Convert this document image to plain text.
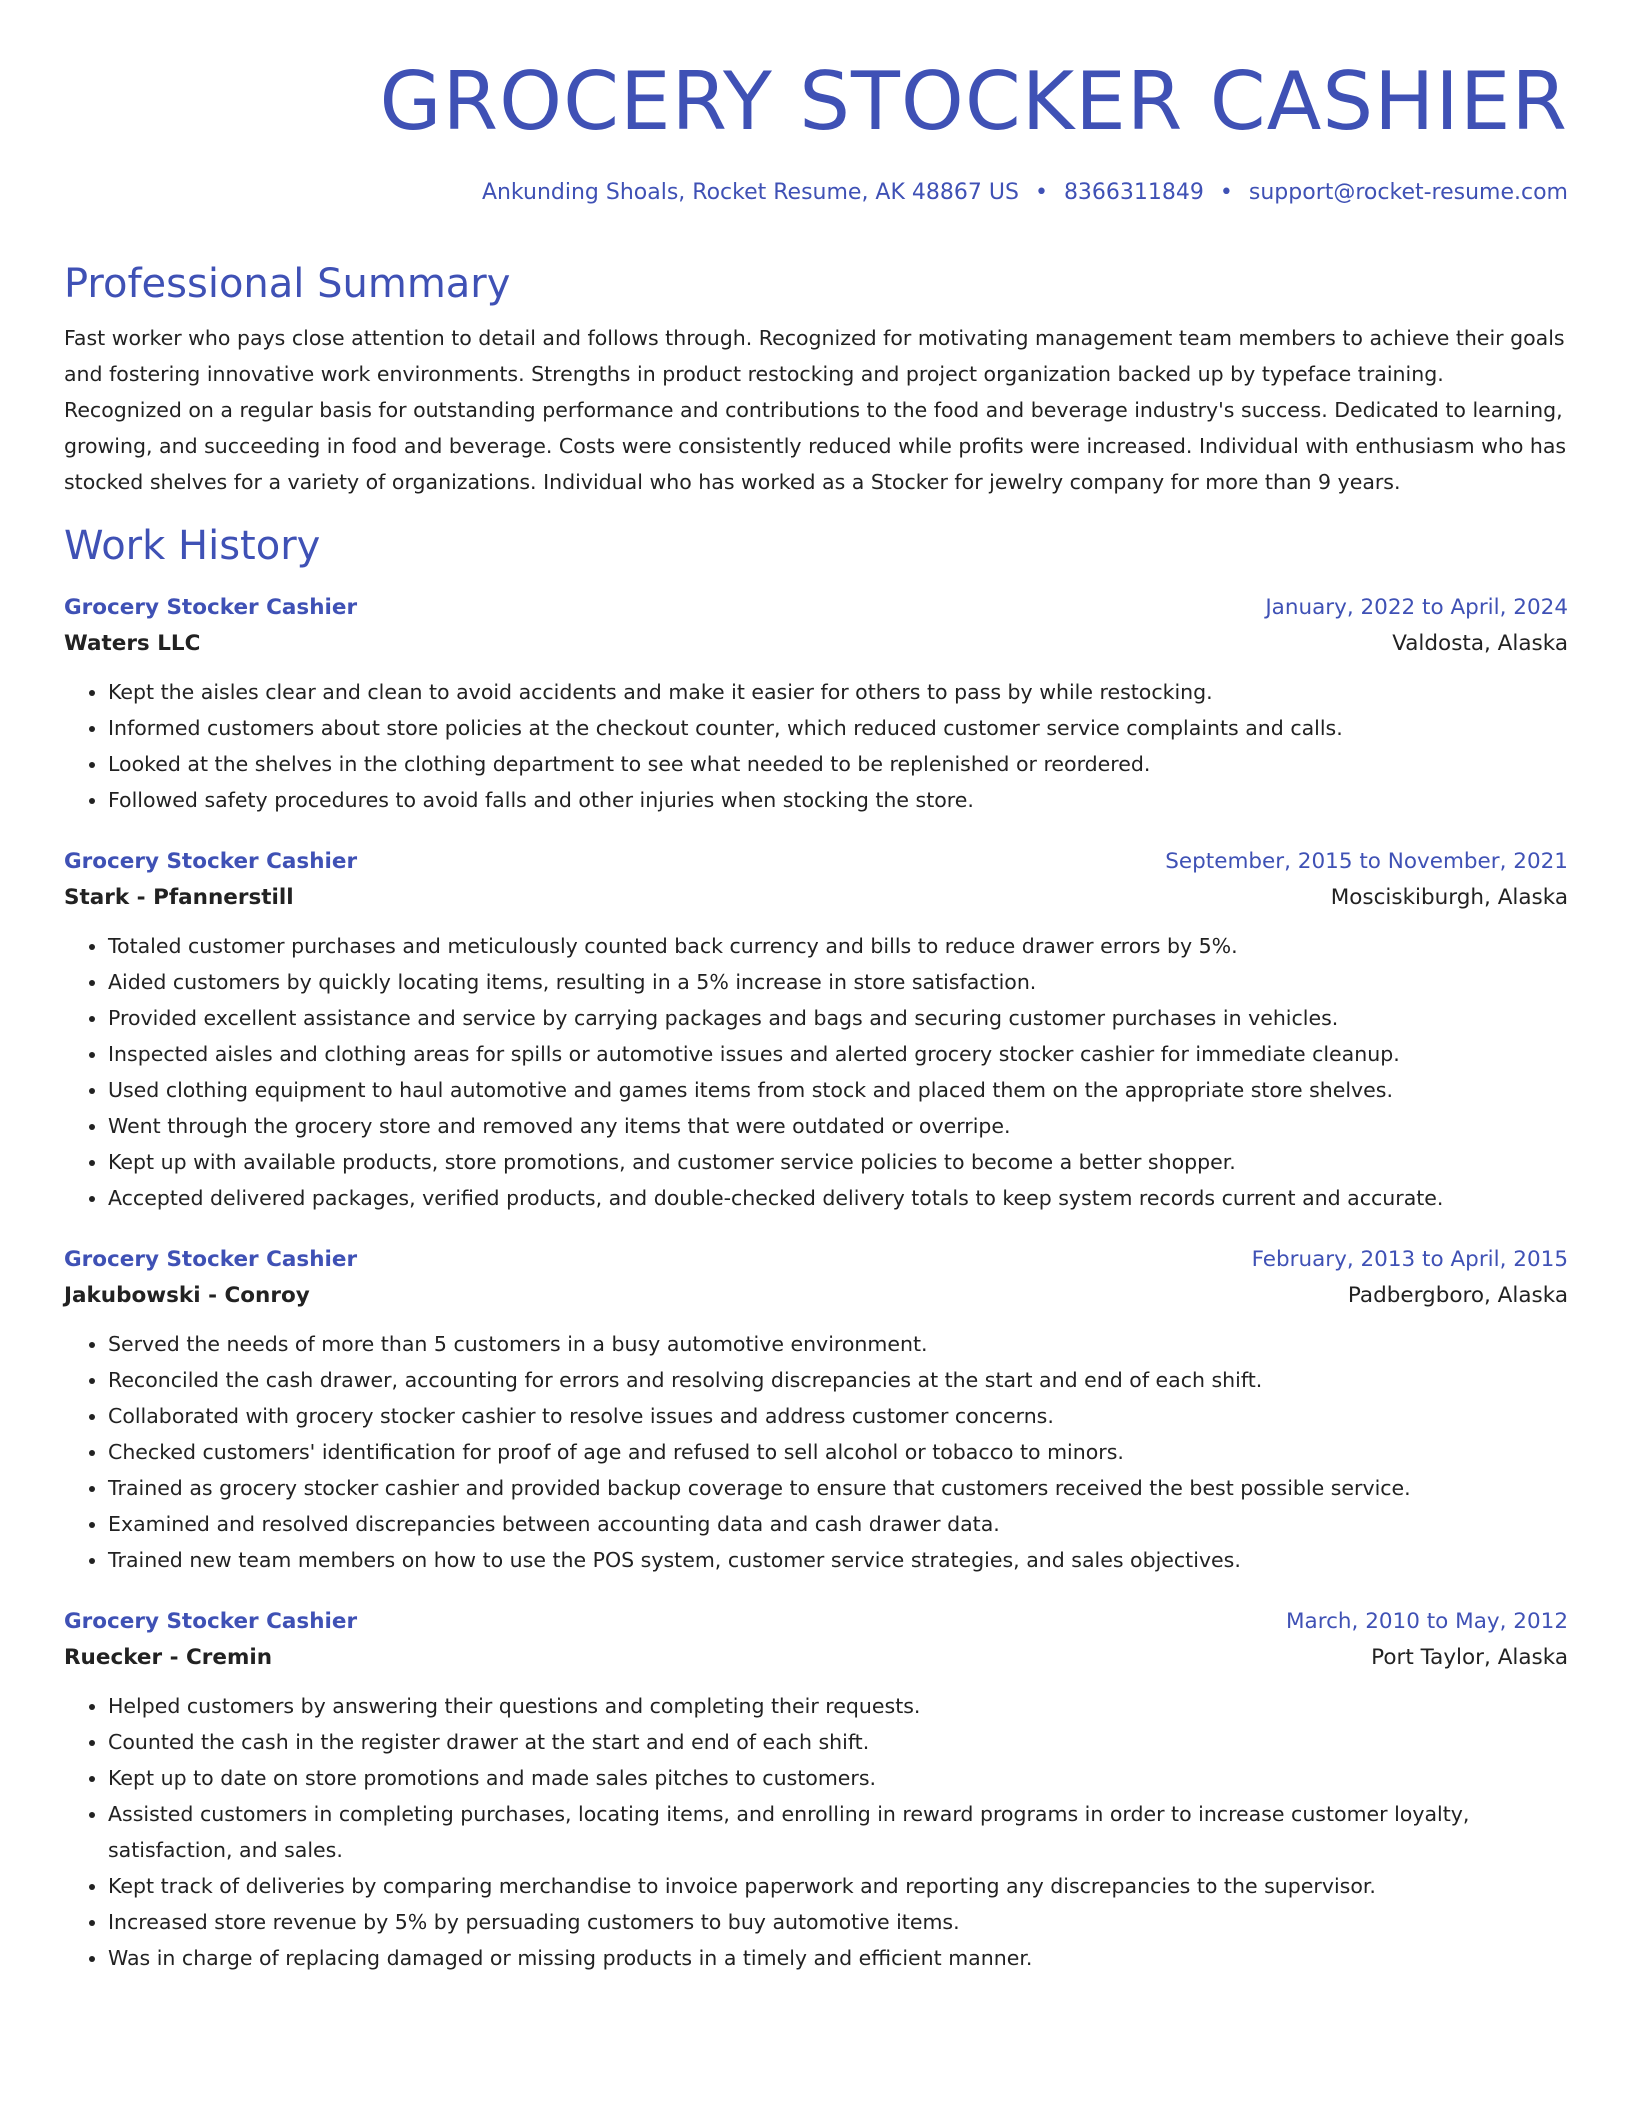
GROCERY STOCKER CASHIER
Ankunding Shoals, Rocket Resume, AK 48867 US • 8366311849 • support@rocket-resume.com
Professional Summary

Fast worker who pays close attention to detail and follows through. Recognized for motivating management team members to achieve their goals and fostering innovative work environments. Strengths in product restocking and project organization backed up by typeface training. Recognized on a regular basis for outstanding performance and contributions to the food and beverage industry's success. Dedicated to learning, growing, and succeeding in food and beverage. Costs were consistently reduced while profits were increased. Individual with enthusiasm who has stocked shelves for a variety of organizations. Individual who has worked as a Stocker for jewelry company for more than 9 years.

Work History
Grocery Stocker Cashier	January, 2022 to April, 2024
Waters LLC	Valdosta, Alaska
• Kept the aisles clear and clean to avoid accidents and make it easier for others to pass by while restocking.
• Informed customers about store policies at the checkout counter, which reduced customer service complaints and calls.
• Looked at the shelves in the clothing department to see what needed to be replenished or reordered.
• Followed safety procedures to avoid falls and other injuries when stocking the store.
Grocery Stocker Cashier	September, 2015 to November, 2021
Stark - Pfannerstill	Mosciskiburgh, Alaska
• Totaled customer purchases and meticulously counted back currency and bills to reduce drawer errors by 5%.
• Aided customers by quickly locating items, resulting in a 5% increase in store satisfaction.
• Provided excellent assistance and service by carrying packages and bags and securing customer purchases in vehicles.
• Inspected aisles and clothing areas for spills or automotive issues and alerted grocery stocker cashier for immediate cleanup.
• Used clothing equipment to haul automotive and games items from stock and placed them on the appropriate store shelves.
• Went through the grocery store and removed any items that were outdated or overripe.
• Kept up with available products, store promotions, and customer service policies to become a better shopper.
• Accepted delivered packages, verified products, and double-checked delivery totals to keep system records current and accurate.
Grocery Stocker Cashier	February, 2013 to April, 2015
Jakubowski - Conroy	Padbergboro, Alaska
• Served the needs of more than 5 customers in a busy automotive environment.
• Reconciled the cash drawer, accounting for errors and resolving discrepancies at the start and end of each shift.
• Collaborated with grocery stocker cashier to resolve issues and address customer concerns.
• Checked customers' identification for proof of age and refused to sell alcohol or tobacco to minors.
• Trained as grocery stocker cashier and provided backup coverage to ensure that customers received the best possible service.
• Examined and resolved discrepancies between accounting data and cash drawer data.
• Trained new team members on how to use the POS system, customer service strategies, and sales objectives.
Grocery Stocker Cashier	March, 2010 to May, 2012
Ruecker - Cremin	Port Taylor, Alaska
• Helped customers by answering their questions and completing their requests.
• Counted the cash in the register drawer at the start and end of each shift.
• Kept up to date on store promotions and made sales pitches to customers.
• Assisted customers in completing purchases, locating items, and enrolling in reward programs in order to increase customer loyalty, satisfaction, and sales.
• Kept track of deliveries by comparing merchandise to invoice paperwork and reporting any discrepancies to the supervisor.
• Increased store revenue by 5% by persuading customers to buy automotive items.
• Was in charge of replacing damaged or missing products in a timely and efficient manner.
